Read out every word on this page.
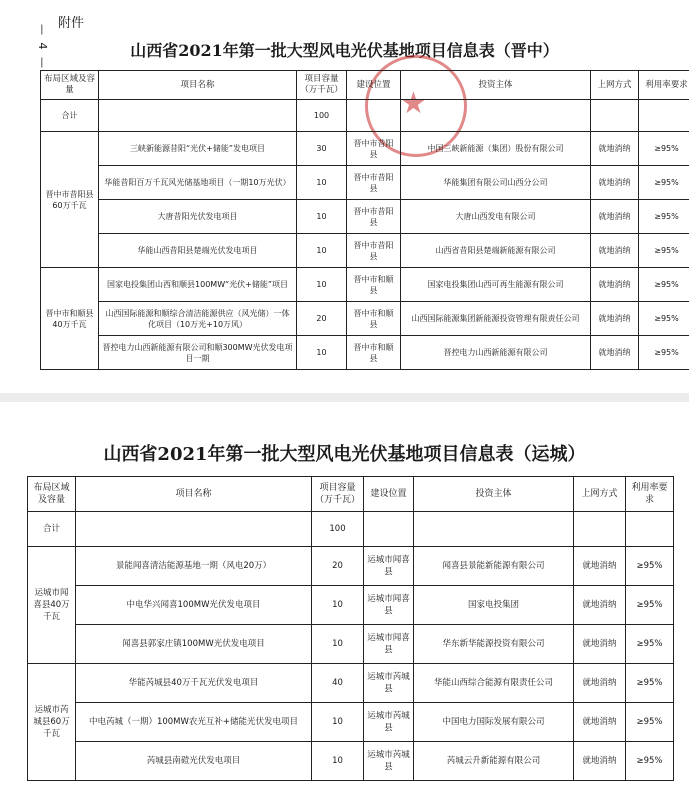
附件
— 4 —	山西省2021年第一批大型风电光伏基地项目信息表（晋中）
★
山西省2021年第一批大型风电光伏基地项目信息表（运城）
布局区域及容量	项目名称	项目容量（万千瓦）	建设位置	投资主体	上网方式	利用率要求
合计		100				
晋中市昔阳县60万千瓦	三峡新能源昔阳“光伏+储能”发电项目	30	晋中市昔阳县	中国三峡新能源（集团）股份有限公司	就地消纳	≥95%
	华能昔阳百万千瓦风光储基地项目（一期10万光伏）	10	晋中市昔阳县	华能集团有限公司山西分公司	就地消纳	≥95%
	大唐昔阳光伏发电项目	10	晋中市昔阳县	大唐山西发电有限公司	就地消纳	≥95%
	华能山西昔阳县楚端光伏发电项目	10	晋中市昔阳县	山西省昔阳县楚端新能源有限公司	就地消纳	≥95%
晋中市和顺县40万千瓦	国家电投集团山西和顺县100MW“光伏+储能”项目	10	晋中市和顺县	国家电投集团山西可再生能源有限公司	就地消纳	≥95%
	山西国际能源和顺综合清洁能源供应（风光储）一体化项目（10万光+10万风）	20	晋中市和顺县	山西国际能源集团新能源投资管理有限责任公司	就地消纳	≥95%
	晋控电力山西新能源有限公司和顺300MW光伏发电项目一期	10	晋中市和顺县	晋控电力山西新能源有限公司	就地消纳	≥95%
布局区域及容量	项目名称	项目容量（万千瓦）	建设位置	投资主体	上网方式	利用率要求
合计		100				
运城市闻喜县40万千瓦	景能闻喜清洁能源基地一期（风电20万）	20	运城市闻喜县	闻喜县景能新能源有限公司	就地消纳	≥95%
	中电华兴闻喜100MW光伏发电项目	10	运城市闻喜县	国家电投集团	就地消纳	≥95%
	闻喜县郭家庄镇100MW光伏发电项目	10	运城市闻喜县	华东新华能源投资有限公司	就地消纳	≥95%
运城市芮城县60万千瓦	华能芮城县40万千瓦光伏发电项目	40	运城市芮城县	华能山西综合能源有限责任公司	就地消纳	≥95%
	中电芮城（一期）100MW农光互补+储能光伏发电项目	10	运城市芮城县	中国电力国际发展有限公司	就地消纳	≥95%
	芮城县南磑光伏发电项目	10	运城市芮城县	芮城云升新能源有限公司	就地消纳	≥95%
